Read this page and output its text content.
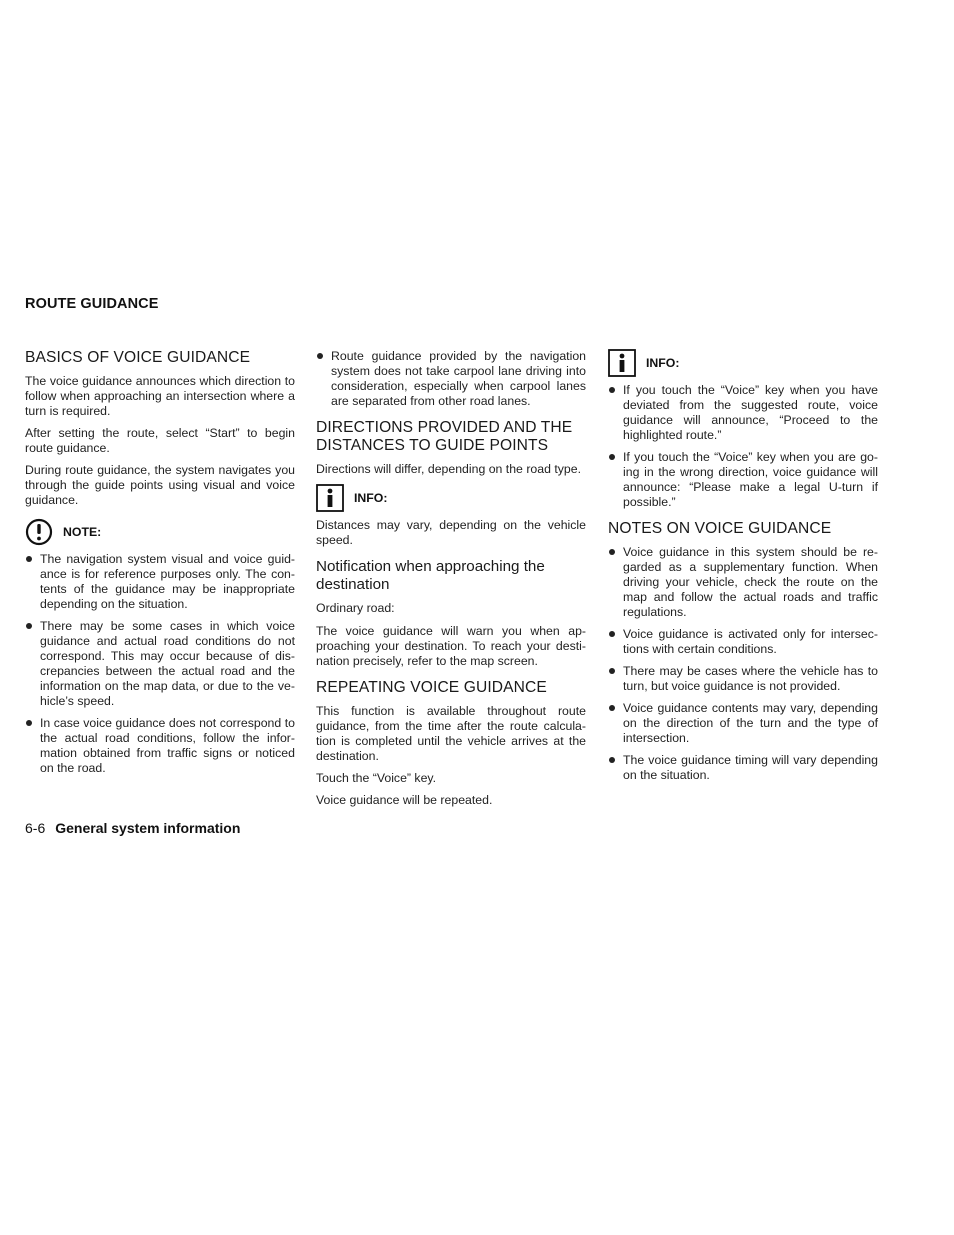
ROUTE GUIDANCE
BASICS OF VOICE GUIDANCE

The voice guidance announces which direction to follow when approaching an intersection where a turn is required.

After setting the route, select “Start” to begin route guidance.

During route guidance, the system navigates you through the guide points using visual and voice guidance.

NOTE:
The navigation system visual and voice guid-ance is for reference purposes only. The con-tents of the guidance may be inappropriate depending on the situation.
There may be some cases in which voice guidance and actual road conditions do not correspond. This may occur because of dis-crepancies between the actual road and the information on the map data, or due to the ve-hicle’s speed.
In case voice guidance does not correspond to the actual road conditions, follow the infor-mation obtained from traffic signs or noticed on the road.
Route guidance provided by the navigation system does not take carpool lane driving into consideration, especially when carpool lanes are separated from other road lanes.
DIRECTIONS PROVIDED AND THE DISTANCES TO GUIDE POINTS

Directions will differ, depending on the road type.

INFO:

Distances may vary, depending on the vehicle speed.

Notification when approaching the destination

Ordinary road:

The voice guidance will warn you when ap-proaching your destination. To reach your desti-nation precisely, refer to the map screen.

REPEATING VOICE GUIDANCE

This function is available throughout route guidance, from the time after the route calcula-tion is completed until the vehicle arrives at the destination.

Touch the “Voice” key.

Voice guidance will be repeated.

INFO:
If you touch the “Voice” key when you have deviated from the suggested route, voice guidance will announce, “Proceed to the highlighted route.”
If you touch the “Voice” key when you are go-ing in the wrong direction, voice guidance will announce: “Please make a legal U-turn if possible.”
NOTES ON VOICE GUIDANCE
Voice guidance in this system should be re-garded as a supplementary function. When driving your vehicle, check the route on the map and follow the actual roads and traffic regulations.
Voice guidance is activated only for intersec-tions with certain conditions.
There may be cases where the vehicle has to turn, but voice guidance is not provided.
Voice guidance contents may vary, depending on the direction of the turn and the type of intersection.
The voice guidance timing will vary depending on the situation.
6-6 General system information
